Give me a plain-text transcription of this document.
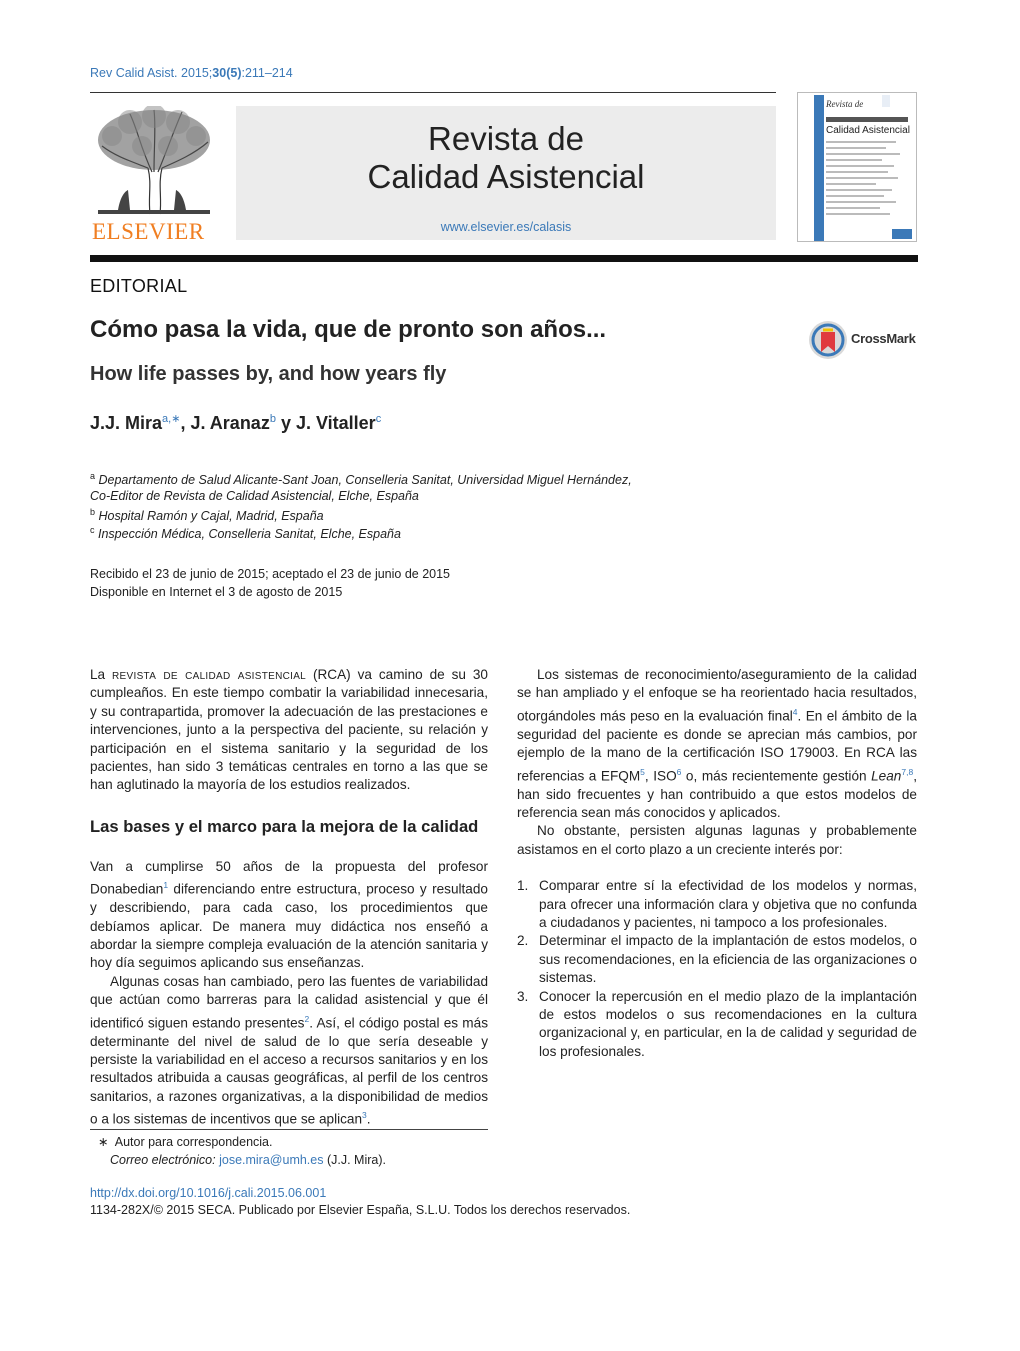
Rev Calid Asist. 2015;30(5):211–214
ELSEVIER
Revista de
Calidad Asistencial
www.elsevier.es/calasis
Revista de
Calidad Asistencial
EDITORIAL
Cómo pasa la vida, que de pronto son años...
How life passes by, and how years fly
CrossMark
J.J. Mira$^{a,∗}$, J. Aranaz$^b$ y J. Vitaller$^c$
$^a$ Departamento de Salud Alicante-Sant Joan, Conselleria Sanitat, Universidad Miguel Hernández,
Co-Editor de Revista de Calidad Asistencial, Elche, España
$^b$ Hospital Ramón y Cajal, Madrid, España
$^c$ Inspección Médica, Conselleria Sanitat, Elche, España
Recibido el 23 de junio de 2015; aceptado el 23 de junio de 2015
Disponible en Internet el 3 de agosto de 2015

La revista de calidad asistencial (RCA) va camino de su 30 cumpleaños. En este tiempo combatir la variabilidad innecesaria, y su contrapartida, promover la adecuación de las prestaciones e intervenciones, junto a la perspectiva del paciente, su relación y participación en el sistema sanitario y la seguridad de los pacientes, han sido 3 temáticas centrales en torno a las que se han aglutinado la mayoría de los estudios realizados.

Las bases y el marco para la mejora de la calidad

Van a cumplirse 50 años de la propuesta del profesor Donabedian$^1$ diferenciando entre estructura, proceso y resultado y describiendo, para cada caso, los procedimientos que debíamos aplicar. De manera muy didáctica nos enseñó a abordar la siempre compleja evaluación de la atención sanitaria y hoy día seguimos aplicando sus enseñanzas.

Algunas cosas han cambiado, pero las fuentes de variabilidad que actúan como barreras para la calidad asistencial y que él identificó siguen estando presentes$^2$. Así, el código postal es más determinante del nivel de salud de lo que sería deseable y persiste la variabilidad en el acceso a recursos sanitarios y en los resultados atribuida a causas geográficas, al perfil de los centros sanitarios, a razones organizativas, a la disponibilidad de medios o a los sistemas de incentivos que se aplican$^3$.

Los sistemas de reconocimiento/aseguramiento de la calidad se han ampliado y el enfoque se ha reorientado hacia resultados, otorgándoles más peso en la evaluación final$^4$. En el ámbito de la seguridad del paciente es donde se aprecian más cambios, por ejemplo de la mano de la certificación ISO 179003. En RCA las referencias a EFQM$^5$, ISO$^6$ o, más recientemente gestión Lean$^{7,8}$, han sido frecuentes y han contribuido a que estos modelos de referencia sean más conocidos y aplicados.

No obstante, persisten algunas lagunas y probablemente asistamos en el corto plazo a un creciente interés por:

1. Comparar entre sí la efectividad de los modelos y normas, para ofrecer una información clara y objetiva que no confunda a ciudadanos y pacientes, ni tampoco a los profesionales.
2. Determinar el impacto de la implantación de estos modelos, o sus recomendaciones, en la eficiencia de las organizaciones o sistemas.
3. Conocer la repercusión en el medio plazo de la implantación de estos modelos o sus recomendaciones en la cultura organizacional y, en particular, en la de calidad y seguridad de los profesionales.
∗ Autor para correspondencia.
Correo electrónico: jose.mira@umh.es (J.J. Mira).
http://dx.doi.org/10.1016/j.cali.2015.06.001
1134-282X/© 2015 SECA. Publicado por Elsevier España, S.L.U. Todos los derechos reservados.
